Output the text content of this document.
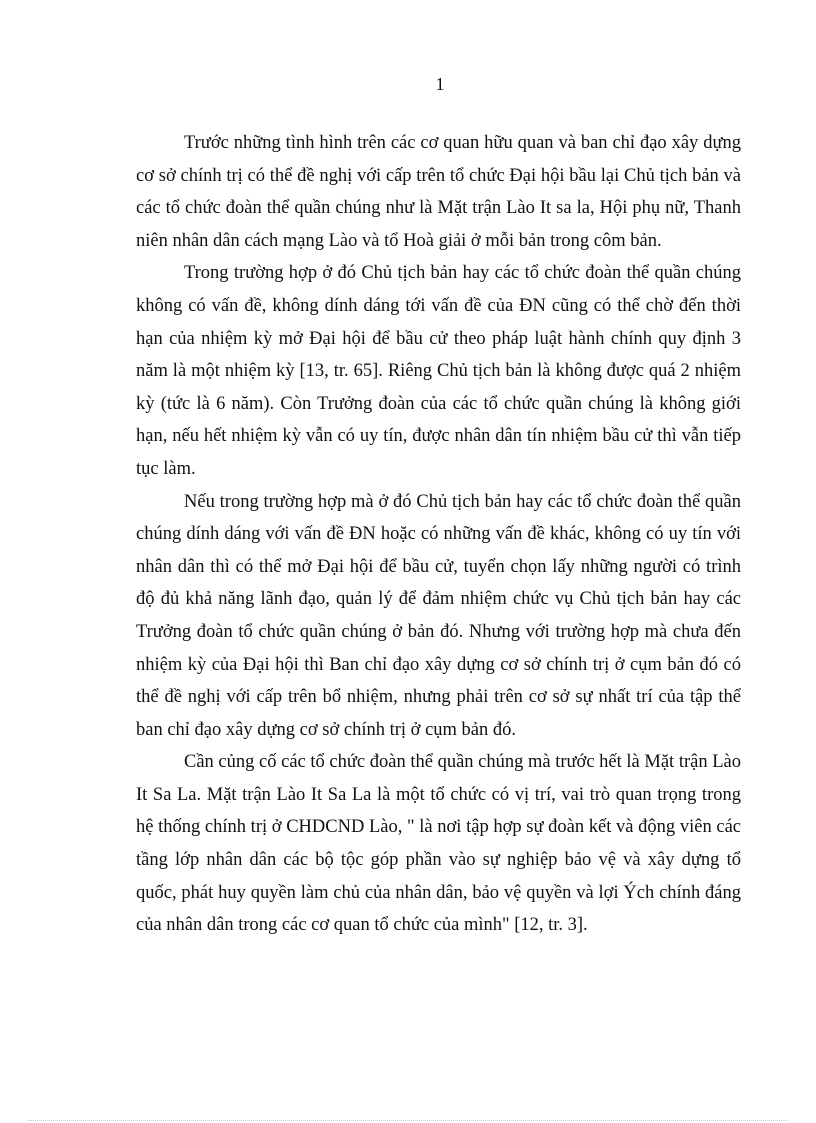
1

Trước những tình hình trên các cơ quan hữu quan và ban chỉ đạo xây dựng cơ sở chính trị có thể đề nghị với cấp trên tổ chức Đại hội bầu lại Chủ tịch bản và các tổ chức đoàn thể quần chúng như là Mặt trận Lào It sa la, Hội phụ nữ, Thanh niên nhân dân cách mạng Lào và tổ Hoà giải ở mỗi bản trong côm bản.

Trong trường hợp ở đó Chủ tịch bản hay các tổ chức đoàn thể quần chúng không có vấn đề, không dính dáng tới vấn đề của ĐN cũng có thể chờ đến thời hạn của nhiệm kỳ mở Đại hội để bầu cử theo pháp luật hành chính quy định 3 năm là một nhiệm kỳ [13, tr. 65]. Riêng Chủ tịch bản là không được quá 2 nhiệm kỳ (tức là 6 năm). Còn Trưởng đoàn của các tổ chức quần chúng là không giới hạn, nếu hết nhiệm kỳ vẫn có uy tín, được nhân dân tín nhiệm bầu cử thì vẫn tiếp tục làm.

Nếu trong trường hợp mà ở đó Chủ tịch bản hay các tổ chức đoàn thể quần chúng dính dáng với vấn đề ĐN hoặc có những vấn đề khác, không có uy tín với nhân dân thì có thể mở Đại hội để bầu cử, tuyển chọn lấy những người có trình độ đủ khả năng lãnh đạo, quản lý để đảm nhiệm chức vụ Chủ tịch bản hay các Trưởng đoàn tổ chức quần chúng ở bản đó. Nhưng với trường hợp mà chưa đến nhiệm kỳ của Đại hội thì Ban chỉ đạo xây dựng cơ sở chính trị ở cụm bản đó có thể đề nghị với cấp trên bổ nhiệm, nhưng phải trên cơ sở sự nhất trí của tập thể ban chỉ đạo xây dựng cơ sở chính trị ở cụm bản đó.

Cần củng cố các tổ chức đoàn thể quần chúng mà trước hết là Mặt trận Lào It Sa La. Mặt trận Lào It Sa La là một tổ chức có vị trí, vai trò quan trọng trong hệ thống chính trị ở CHDCND Lào, " là nơi tập hợp sự đoàn kết và động viên các tầng lớp nhân dân các bộ tộc góp phần vào sự nghiệp bảo vệ và xây dựng tổ quốc, phát huy quyền làm chủ của nhân dân, bảo vệ quyền và lợi Ých chính đáng của nhân dân trong các cơ quan tổ chức của mình" [12, tr. 3].
